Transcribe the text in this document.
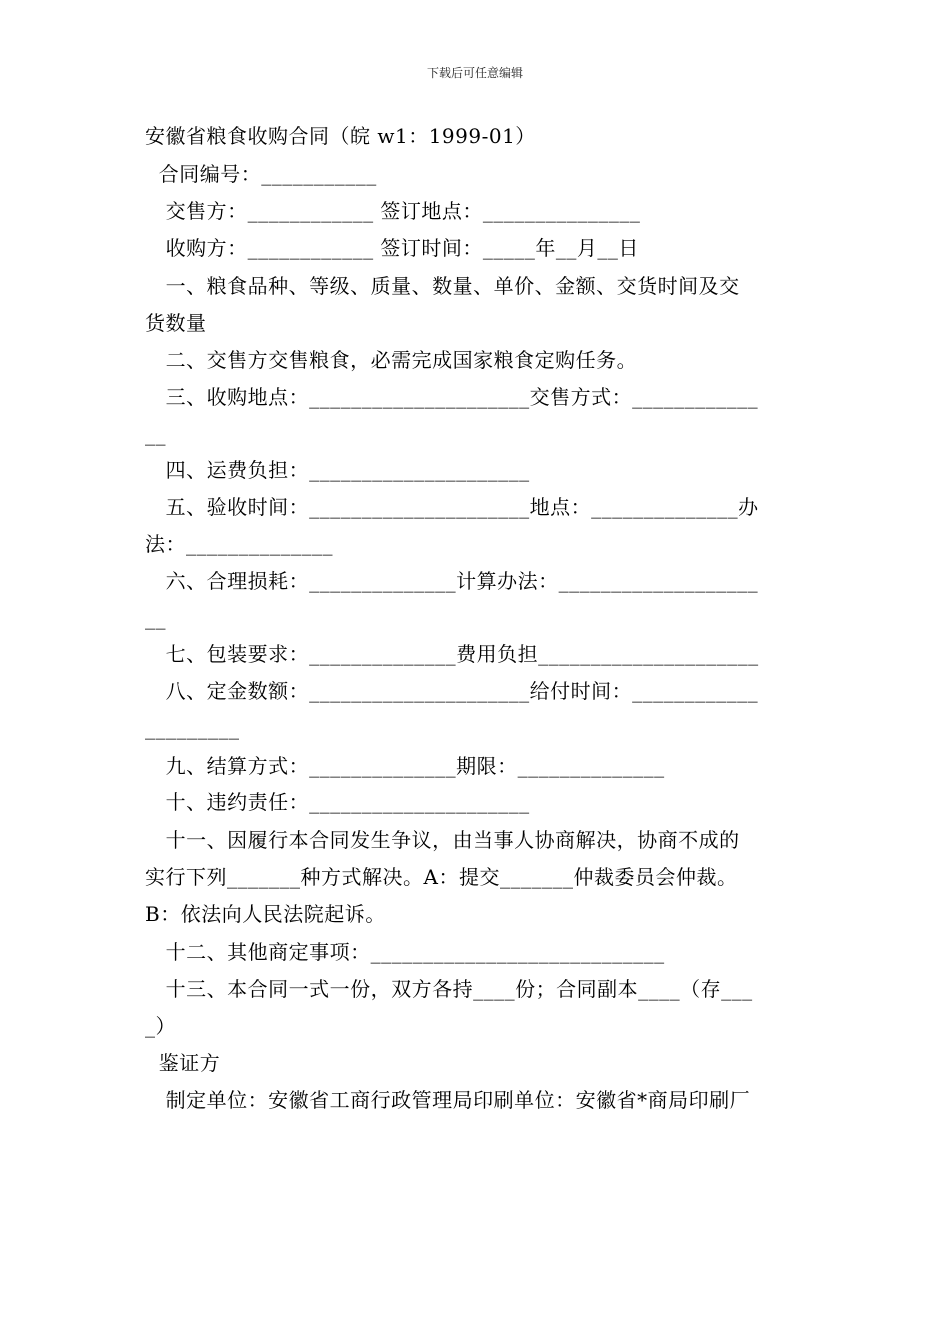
下载后可任意编辑
安徽省粮食收购合同（皖 w1：1999-01）
合同编号：___________
交售方：____________ 签订地点：_______________
收购方：____________ 签订时间：_____年__月__日
一、粮食品种、等级、质量、数量、单价、金额、交货时间及交
货数量
二、交售方交售粮食，必需完成国家粮食定购任务。
三、收购地点：_____________________交售方式：____________
__
四、运费负担：_____________________
五、验收时间：_____________________地点：______________办
法：______________
六、合理损耗：______________计算办法：___________________
__
七、包装要求：______________费用负担_____________________
八、定金数额：_____________________给付时间：____________
_________
九、结算方式：______________期限：______________
十、违约责任：_____________________
十一、因履行本合同发生争议，由当事人协商解决，协商不成的
实行下列_______种方式解决。A：提交_______仲裁委员会仲裁。
B：依法向人民法院起诉。
十二、其他商定事项：____________________________
十三、本合同一式一份，双方各持____份；合同副本____（存___
_）
鉴证方
制定单位：安徽省工商行政管理局印刷单位：安徽省*商局印刷厂
